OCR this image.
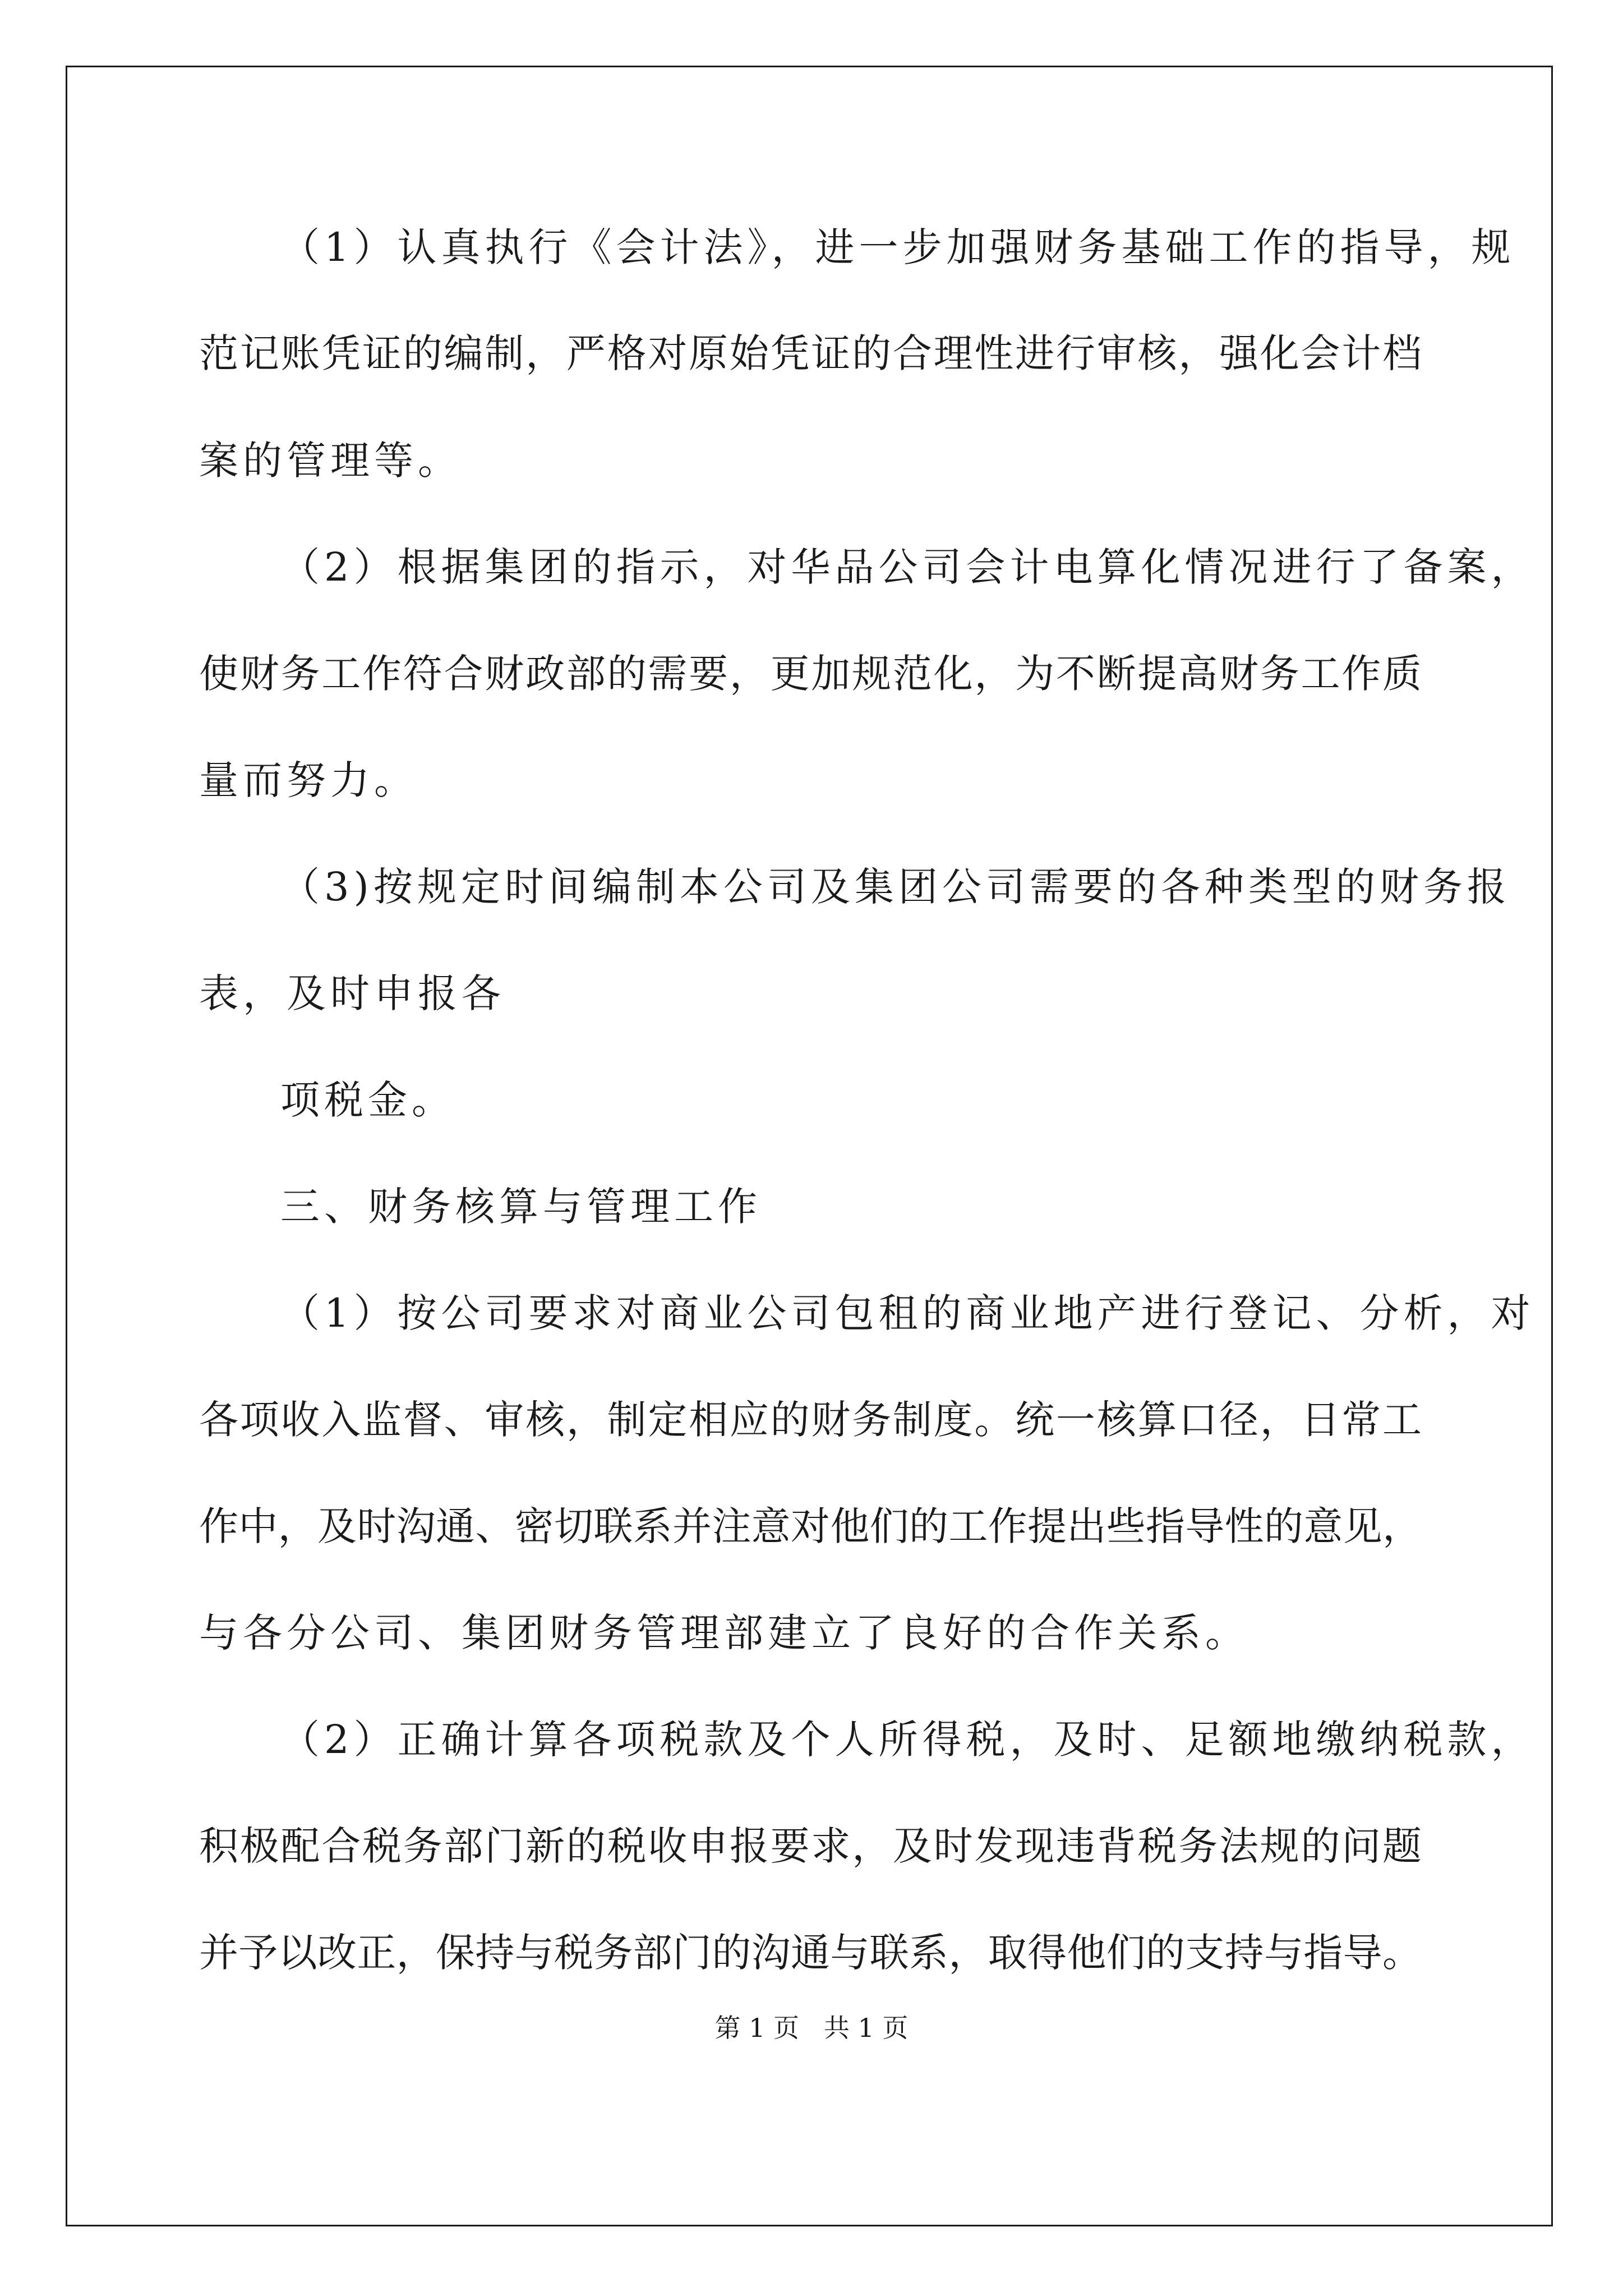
（1）认真执行《会计法》，进一步加强财务基础工作的指导，规

范记账凭证的编制，严格对原始凭证的合理性进行审核，强化会计档

案的管理等。

（2）根据集团的指示，对华品公司会计电算化情况进行了备案，

使财务工作符合财政部的需要，更加规范化，为不断提高财务工作质

量而努力。

（3)按规定时间编制本公司及集团公司需要的各种类型的财务报

表，及时申报各

项税金。

三、财务核算与管理工作

（1）按公司要求对商业公司包租的商业地产进行登记、分析，对

各项收入监督、审核，制定相应的财务制度。统一核算口径，日常工

作中，及时沟通、密切联系并注意对他们的工作提出些指导性的意见，

与各分公司、集团财务管理部建立了良好的合作关系。

（2）正确计算各项税款及个人所得税，及时、足额地缴纳税款，

积极配合税务部门新的税收申报要求，及时发现违背税务法规的问题

并予以改正，保持与税务部门的沟通与联系，取得他们的支持与指导。

第 1 页   共 1 页
